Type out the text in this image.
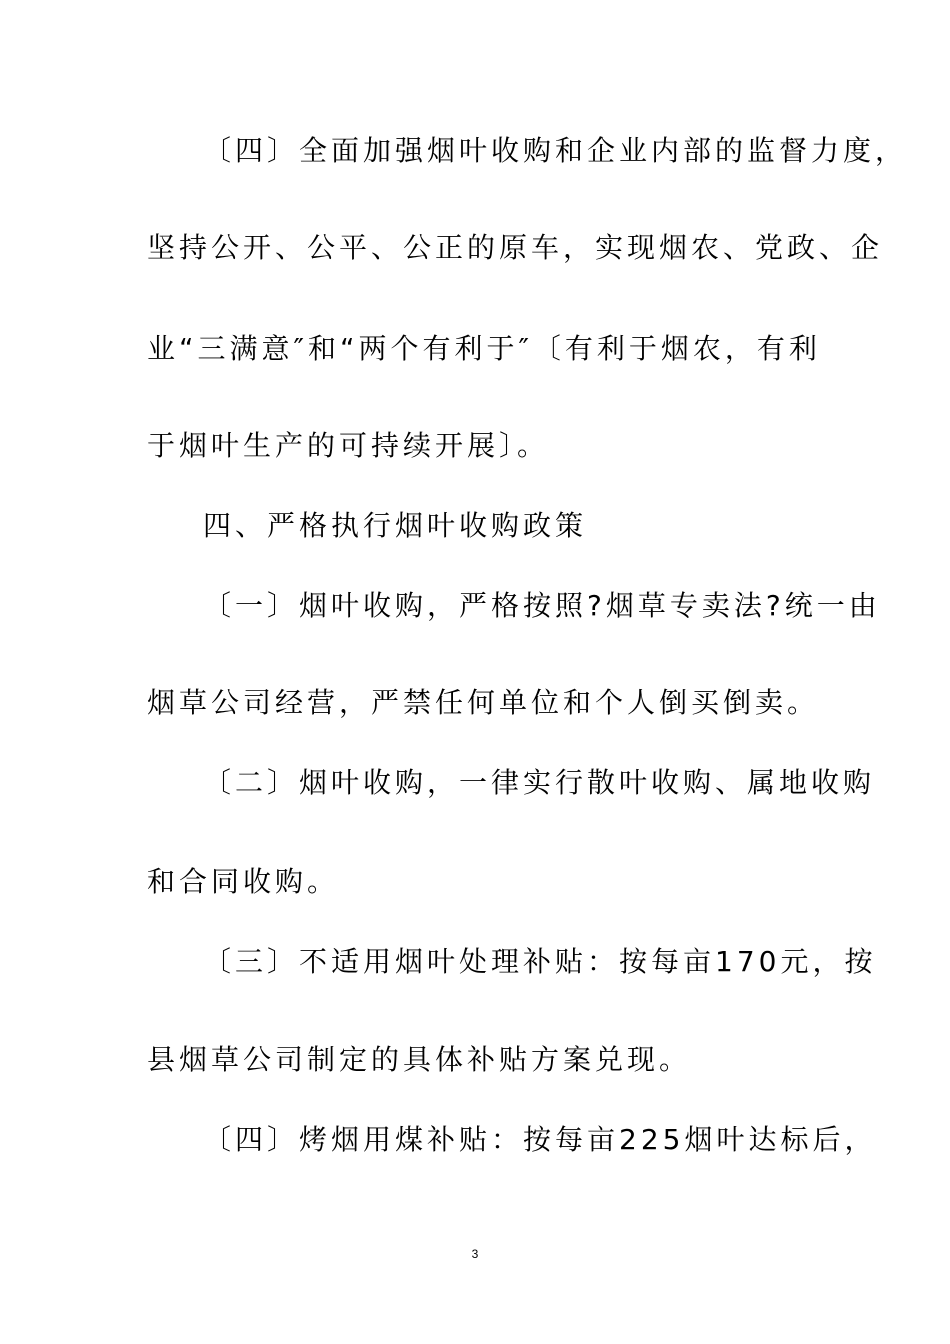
〔四〕全面加强烟叶收购和企业内部的监督力度，
坚持公开、公平、公正的原车，实现烟农、党政、企
业“三满意″和“两个有利于″〔有利于烟农，有利
于烟叶生产的可持续开展〕。
四、严格执行烟叶收购政策
〔一〕烟叶收购，严格按照?烟草专卖法?统一由
烟草公司经营，严禁任何单位和个人倒买倒卖。
〔二〕烟叶收购，一律实行散叶收购、属地收购
和合同收购。
〔三〕不适用烟叶处理补贴：按每亩170元，按
县烟草公司制定的具体补贴方案兑现。
〔四〕烤烟用煤补贴：按每亩225烟叶达标后，
3
